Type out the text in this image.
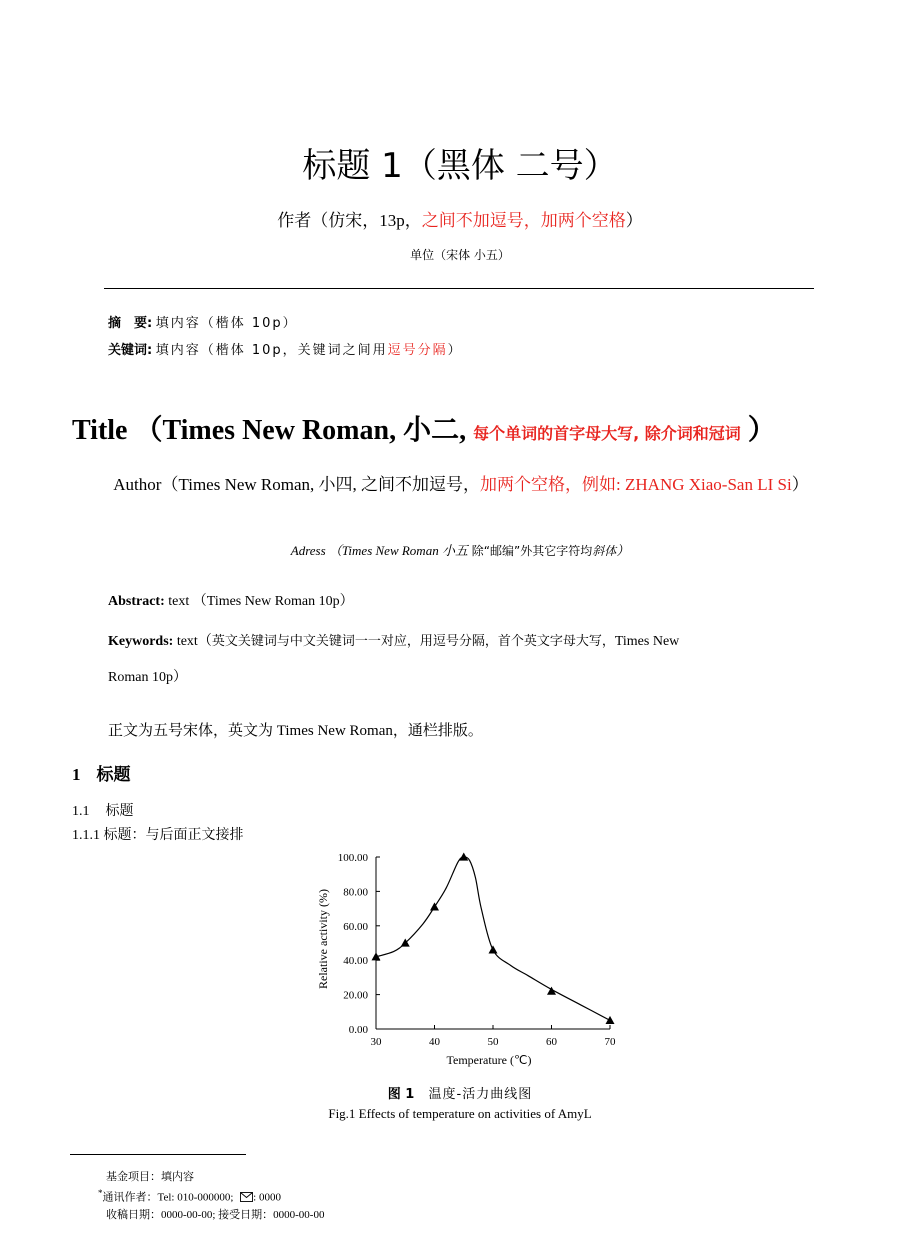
标题 1（黑体 二号）
作者（仿宋，13p，之间不加逗号，加两个空格）
单位（宋体 小五）
摘　要: 填内容（楷体 10p）
关键词: 填内容（楷体 10p，关键词之间用逗号分隔）
Title （Times New Roman, 小二, 每个单词的首字母大写, 除介词和冠词 ）
Author（Times New Roman, 小四, 之间不加逗号，加两个空格，例如: ZHANG Xiao-San LI Si）
Adress （Times New Roman 小五 除“邮编”外其它字符均斜体）
Abstract: text （Times New Roman 10p）
Keywords: text（英文关键词与中文关键词一一对应，用逗号分隔，首个英文字母大写，Times New
Roman 10p）
正文为五号宋体，英文为 Times New Roman，通栏排版。
1 标题
1.1 标题
1.1.1 标题：与后面正文接排
0.00
20.00
40.00
60.00
80.00
100.00
30	40	50	60	70
Temperature (℃)
Relative activity (%)
图 1 温度-活力曲线图
Fig.1 Effects of temperature on activities of AmyL
基金项目：填内容
*通讯作者：Tel: 010-000000; : 0000
收稿日期：0000-00-00; 接受日期：0000-00-00
